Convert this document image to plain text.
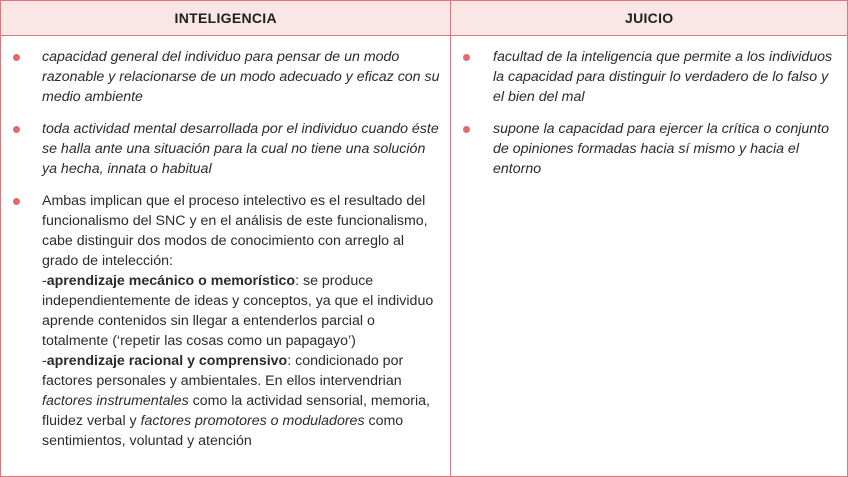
INTELIGENCIA	JUICIO
capacidad general del individuo para pensar de un modo razonable y relacionarse de un modo adecuado y eficaz con su medio ambiente
toda actividad mental desarrollada por el individuo cuando éste se halla ante una situación para la cual no tiene una solución ya hecha, innata o habitual
Ambas implican que el proceso intelectivo es el resultado del funcionalismo del SNC y en el análisis de este funcionalismo, cabe distinguir dos modos de conocimiento con arreglo al grado de intelección:
-aprendizaje mecánico o memorístico: se produce independientemente de ideas y conceptos, ya que el individuo aprende contenidos sin llegar a entenderlos parcial o totalmente (‘repetir las cosas como un papagayo’)
-aprendizaje racional y comprensivo: condicionado por factores personales y ambientales. En ellos intervendrian factores instrumentales como la actividad sensorial, memoria, fluidez verbal y factores promotores o moduladores como sentimientos, voluntad y atención
facultad de la inteligencia que permite a los individuos la capacidad para distinguir lo verdadero de lo falso y el bien del mal
supone la capacidad para ejercer la crítica o conjunto de opiniones formadas hacia sí mismo y hacia el entorno
